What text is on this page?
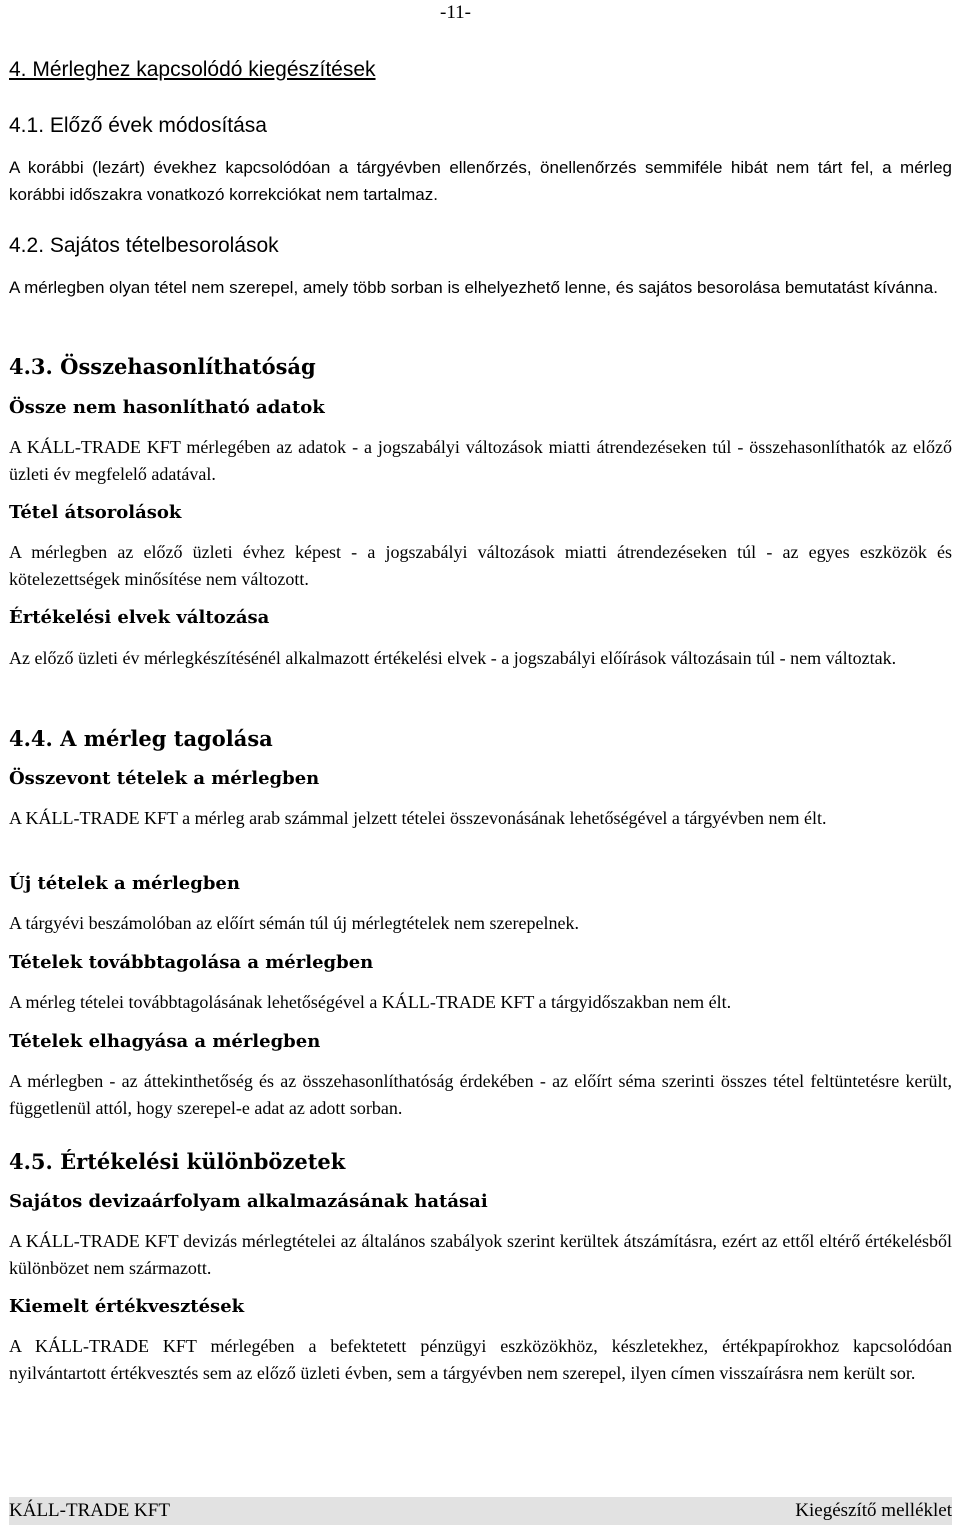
-11-
4. Mérleghez kapcsolódó kiegészítések
4.1. Előző évek módosítása

A korábbi (lezárt) évekhez kapcsolódóan a tárgyévben ellenőrzés, önellenőrzés semmiféle hibát nem tárt fel, a mérleg korábbi időszakra vonatkozó korrekciókat nem tartalmaz.

4.2. Sajátos tételbesorolások

A mérlegben olyan tétel nem szerepel, amely több sorban is elhelyezhető lenne, és sajátos besorolása bemutatást kívánna.

4.3. Összehasonlíthatóság
Össze nem hasonlítható adatok

A KÁLL-TRADE KFT mérlegében az adatok - a jogszabályi változások miatti átrendezéseken túl - összehasonlíthatók az előző üzleti év megfelelő adatával.

Tétel átsorolások

A mérlegben az előző üzleti évhez képest - a jogszabályi változások miatti átrendezéseken túl - az egyes eszközök és kötelezettségek minősítése nem változott.

Értékelési elvek változása

Az előző üzleti év mérlegkészítésénél alkalmazott értékelési elvek - a jogszabályi előírások változásain túl - nem változtak.

4.4. A mérleg tagolása
Összevont tételek a mérlegben

A KÁLL-TRADE KFT a mérleg arab számmal jelzett tételei összevonásának lehetőségével a tárgyévben nem élt.

Új tételek a mérlegben

A tárgyévi beszámolóban az előírt sémán túl új mérlegtételek nem szerepelnek.

Tételek továbbtagolása a mérlegben

A mérleg tételei továbbtagolásának lehetőségével a KÁLL-TRADE KFT a tárgyidőszakban nem élt.

Tételek elhagyása a mérlegben

A mérlegben - az áttekinthetőség és az összehasonlíthatóság érdekében - az előírt séma szerinti összes tétel feltüntetésre került, függetlenül attól, hogy szerepel-e adat az adott sorban.

4.5. Értékelési különbözetek
Sajátos devizaárfolyam alkalmazásának hatásai

A KÁLL-TRADE KFT devizás mérlegtételei az általános szabályok szerint kerültek átszámításra, ezért az ettől eltérő értékelésből különbözet nem származott.

Kiemelt értékvesztések

A KÁLL-TRADE KFT mérlegében a befektetett pénzügyi eszközökhöz, készletekhez, értékpapírokhoz kapcsolódóan nyilvántartott értékvesztés sem az előző üzleti évben, sem a tárgyévben nem szerepel, ilyen címen visszaírásra nem került sor.

KÁLL-TRADE KFT	Kiegészítő melléklet
